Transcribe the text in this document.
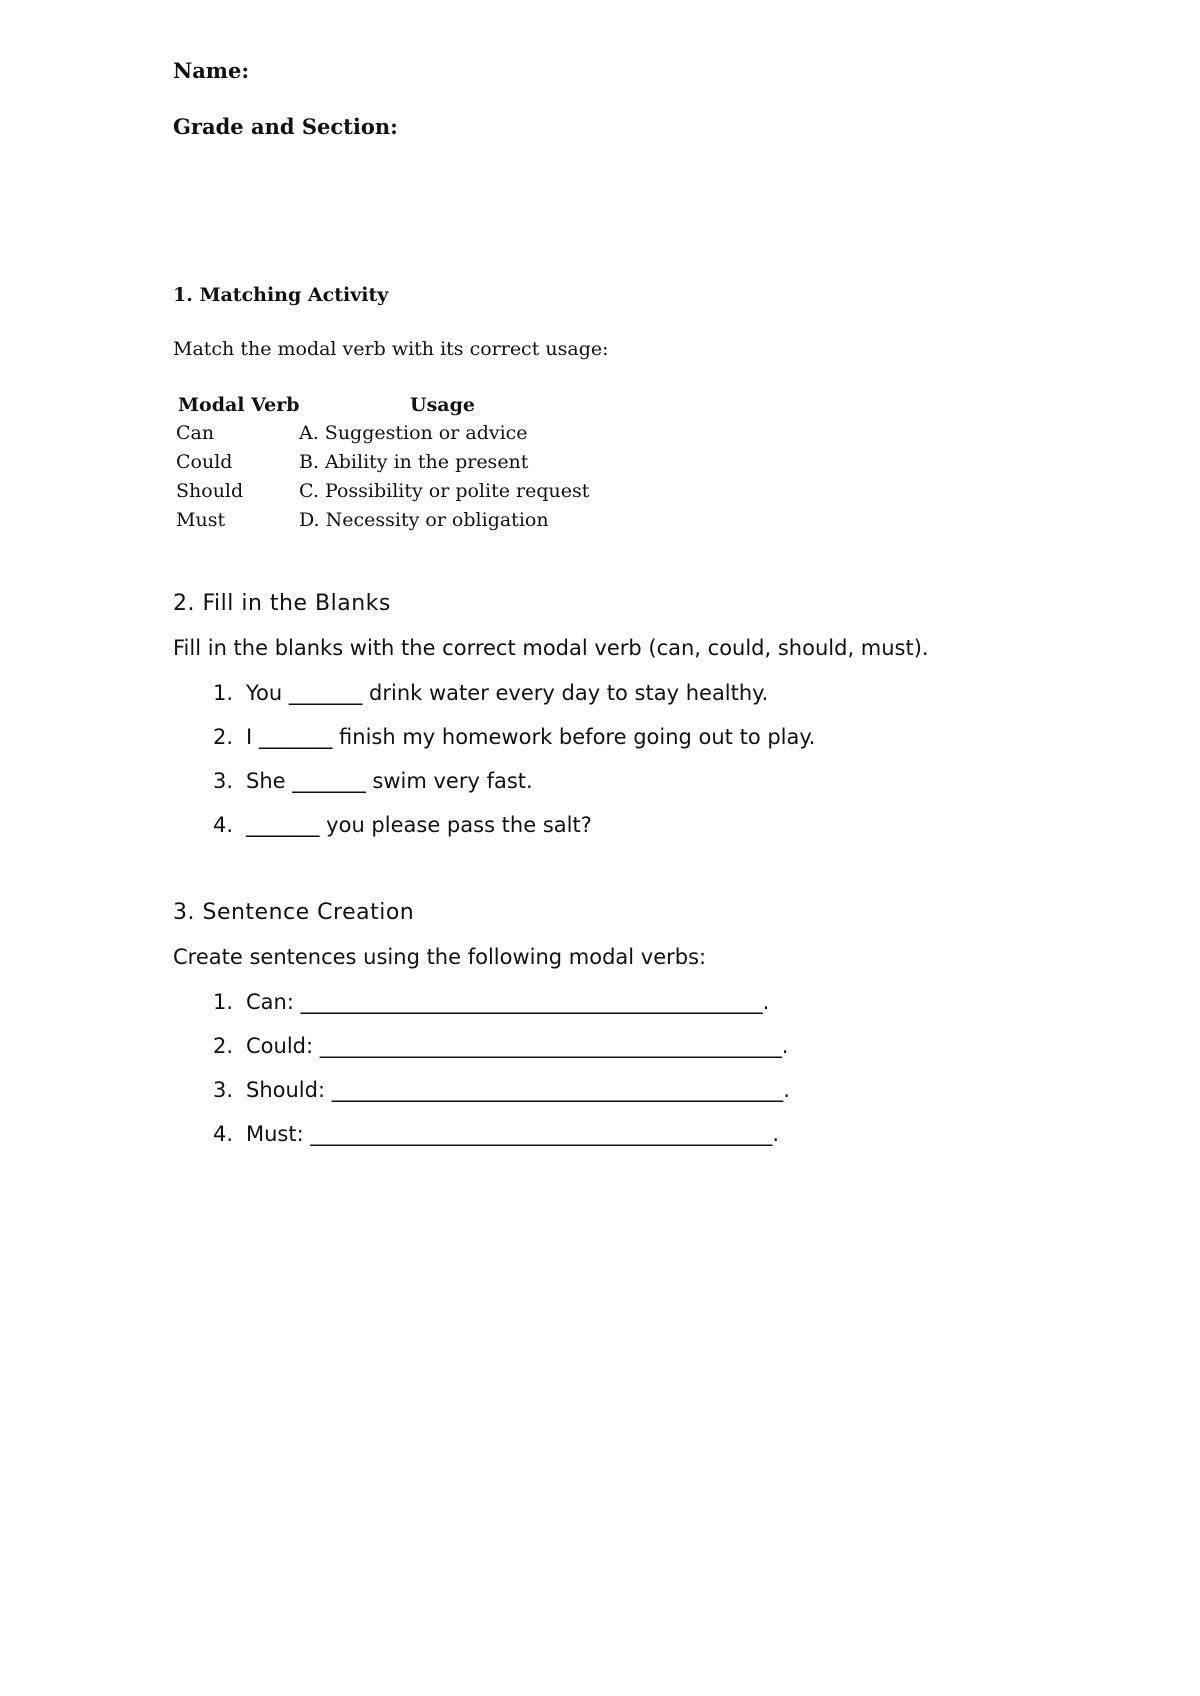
Name:
Grade and Section:
1. Matching Activity
Match the modal verb with its correct usage:
Modal Verb	Usage
Can	A. Suggestion or advice
Could	B. Ability in the present
Should	C. Possibility or polite request
Must	D. Necessity or obligation
2. Fill in the Blanks
Fill in the blanks with the correct modal verb (can, could, should, must).
1. You _______ drink water every day to stay healthy.
2. I _______ finish my homework before going out to play.
3. She _______ swim very fast.
4. _______ you please pass the salt?
3. Sentence Creation
Create sentences using the following modal verbs:
1. Can: ____________________________________________.
2. Could: ____________________________________________.
3. Should: ___________________________________________.
4. Must: ____________________________________________.
